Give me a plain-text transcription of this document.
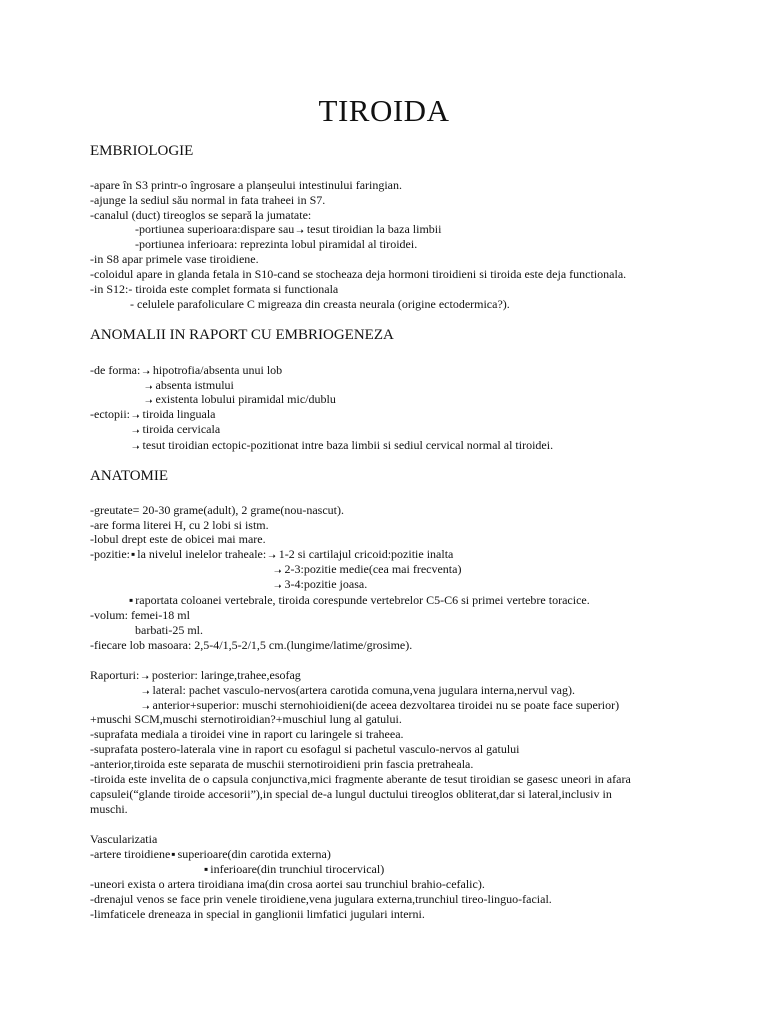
TIROIDA
EMBRIOLOGIE
-apare în S3 printr-o îngrosare a planșeului intestinului faringian.
-ajunge la sediul său normal in fata traheei in S7.
-canalul (duct) tireoglos se separă la jumatate:
-portiunea superioara:dispare sau ➝ tesut tiroidian la baza limbii
-portiunea inferioara: reprezinta lobul piramidal al tiroidei.
-in S8 apar primele vase tiroidiene.
-coloidul apare in glanda fetala in S10-cand se stocheaza deja hormoni tiroidieni si tiroida este deja functionala.
-in S12:- tiroida este complet formata si functionala
- celulele parafoliculare C migreaza din creasta neurala (origine ectodermica?).
ANOMALII IN RAPORT CU EMBRIOGENEZA
-de forma: ➝ hipotrofia/absenta unui lob
➝ absenta istmului
➝ existenta lobului piramidal mic/dublu
-ectopii: ➝ tiroida linguala
➝ tiroida cervicala
➝ tesut tiroidian ectopic-pozitionat intre baza limbii si sediul cervical normal al tiroidei.
ANATOMIE
-greutate= 20-30 grame(adult), 2 grame(nou-nascut).
-are forma literei H, cu 2 lobi si istm.
-lobul drept este de obicei mai mare.
-pozitie:▪ la nivelul inelelor traheale: ➝ 1-2 si cartilajul cricoid:pozitie inalta
➝ 2-3:pozitie medie(cea mai frecventa)
➝ 3-4:pozitie joasa.
▪ raportata coloanei vertebrale, tiroida corespunde vertebrelor C5-C6 si primei vertebre toracice.
-volum: femei-18 ml
barbati-25 ml.
-fiecare lob masoara: 2,5-4/1,5-2/1,5 cm.(lungime/latime/grosime).
Raporturi: ➝ posterior: laringe,trahee,esofag
➝ lateral: pachet vasculo-nervos(artera carotida comuna,vena jugulara interna,nervul vag).
➝ anterior+superior: muschi sternohioidieni(de aceea dezvoltarea tiroidei nu se poate face superior)
+muschi SCM,muschi sternotiroidian?+muschiul lung al gatului.
-suprafata mediala a tiroidei vine in raport cu laringele si traheea.
-suprafata postero-laterala vine in raport cu esofagul si pachetul vasculo-nervos al gatului
-anterior,tiroida este separata de muschii sternotiroidieni prin fascia pretraheala.
-tiroida este invelita de o capsula conjunctiva,mici fragmente aberante de tesut tiroidian se gasesc uneori in afara
capsulei(“glande tiroide accesorii”),in special de-a lungul ductului tireoglos obliterat,dar si lateral,inclusiv in
muschi.
Vascularizatia
-artere tiroidiene▪ superioare(din carotida externa)
▪ inferioare(din trunchiul tirocervical)
-uneori exista o artera tiroidiana ima(din crosa aortei sau trunchiul brahio-cefalic).
-drenajul venos se face prin venele tiroidiene,vena jugulara externa,trunchiul tireo-linguo-facial.
-limfaticele dreneaza in special in ganglionii limfatici jugulari interni.
